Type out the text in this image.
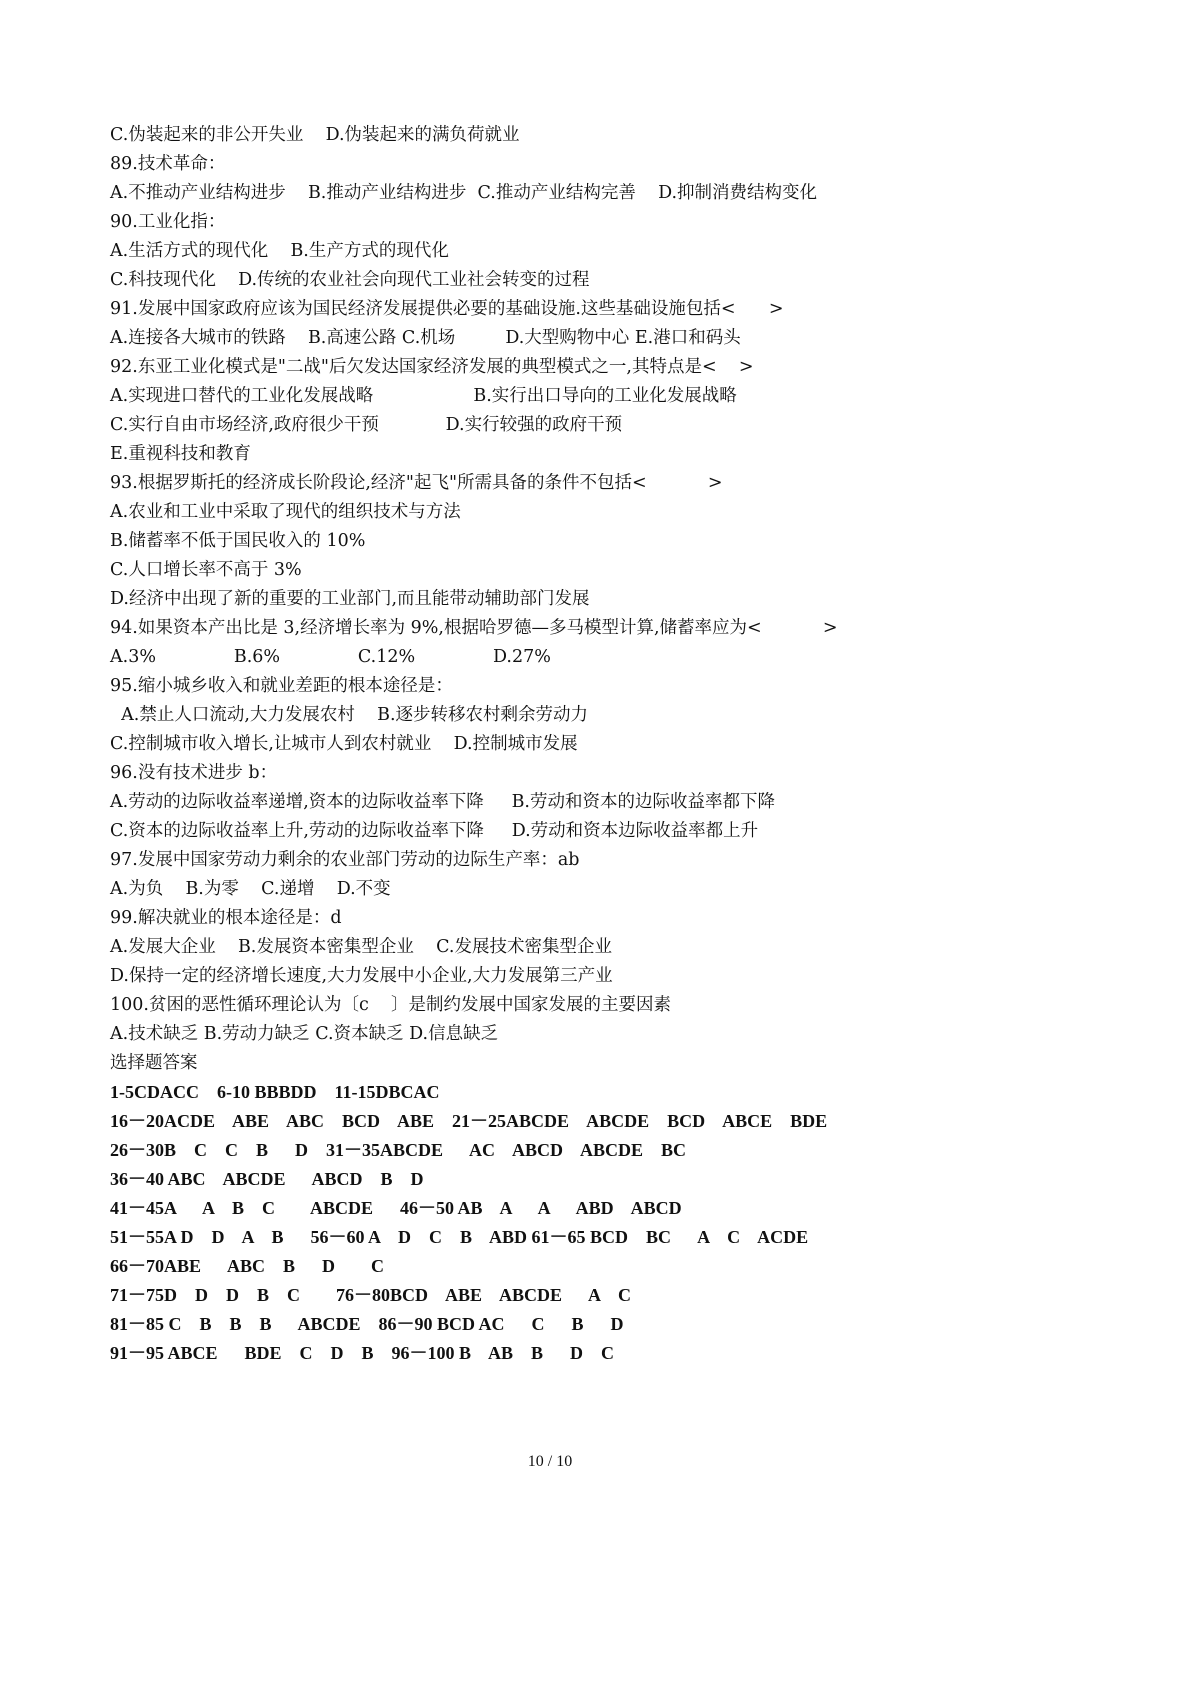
C.伪装起来的非公开失业    D.伪装起来的满负荷就业
89.技术革命：
A.不推动产业结构进步    B.推动产业结构进步  C.推动产业结构完善    D.抑制消费结构变化
90.工业化指：
A.生活方式的现代化    B.生产方式的现代化
C.科技现代化    D.传统的农业社会向现代工业社会转变的过程
91.发展中国家政府应该为国民经济发展提供必要的基础设施.这些基础设施包括<      >
A.连接各大城市的铁路    B.高速公路 C.机场         D.大型购物中心 E.港口和码头
92.东亚工业化模式是"二战"后欠发达国家经济发展的典型模式之一,其特点是<    >
A.实现进口替代的工业化发展战略                  B.实行出口导向的工业化发展战略
C.实行自由市场经济,政府很少干预            D.实行较强的政府干预
E.重视科技和教育
93.根据罗斯托的经济成长阶段论,经济"起飞"所需具备的条件不包括<           >
A.农业和工业中采取了现代的组织技术与方法
B.储蓄率不低于国民收入的 10%
C.人口增长率不高于 3%
D.经济中出现了新的重要的工业部门,而且能带动辅助部门发展
94.如果资本产出比是 3,经济增长率为 9%,根据哈罗德—多马模型计算,储蓄率应为<           >
A.3%              B.6%              C.12%              D.27%
95.缩小城乡收入和就业差距的根本途径是：
A.禁止人口流动,大力发展农村    B.逐步转移农村剩余劳动力
C.控制城市收入增长,让城市人到农村就业    D.控制城市发展
96.没有技术进步 b：
A.劳动的边际收益率递增,资本的边际收益率下降     B.劳动和资本的边际收益率都下降
C.资本的边际收益率上升,劳动的边际收益率下降     D.劳动和资本边际收益率都上升
97.发展中国家劳动力剩余的农业部门劳动的边际生产率：ab
A.为负    B.为零    C.递增    D.不变
99.解决就业的根本途径是：d
A.发展大企业    B.发展资本密集型企业    C.发展技术密集型企业
D.保持一定的经济增长速度,大力发展中小企业,大力发展第三产业
100.贫困的恶性循环理论认为〔c    〕是制约发展中国家发展的主要因素
A.技术缺乏 B.劳动力缺乏 C.资本缺乏 D.信息缺乏
选择题答案
1-5CDACC    6-10 BBBDD    11-15DBCAC
16－20ACDE    ABE    ABC    BCD    ABE    21－25ABCDE    ABCDE    BCD    ABCE    BDE
26－30B    C    C    B      D    31－35ABCDE      AC    ABCD    ABCDE    BC
36－40 ABC    ABCDE      ABCD    B    D
41－45A      A    B    C        ABCDE      46－50 AB    A      A      ABD    ABCD
51－55A D    D    A    B      56－60 A    D    C    B    ABD 61－65 BCD    BC      A    C    ACDE
66－70ABE      ABC    B      D        C
71－75D    D    D    B    C        76－80BCD    ABE    ABCDE      A    C
81－85 C    B    B    B      ABCDE    86－90 BCD AC      C      B      D
91－95 ABCE      BDE    C    D    B    96－100 B    AB    B      D    C
10 / 10
